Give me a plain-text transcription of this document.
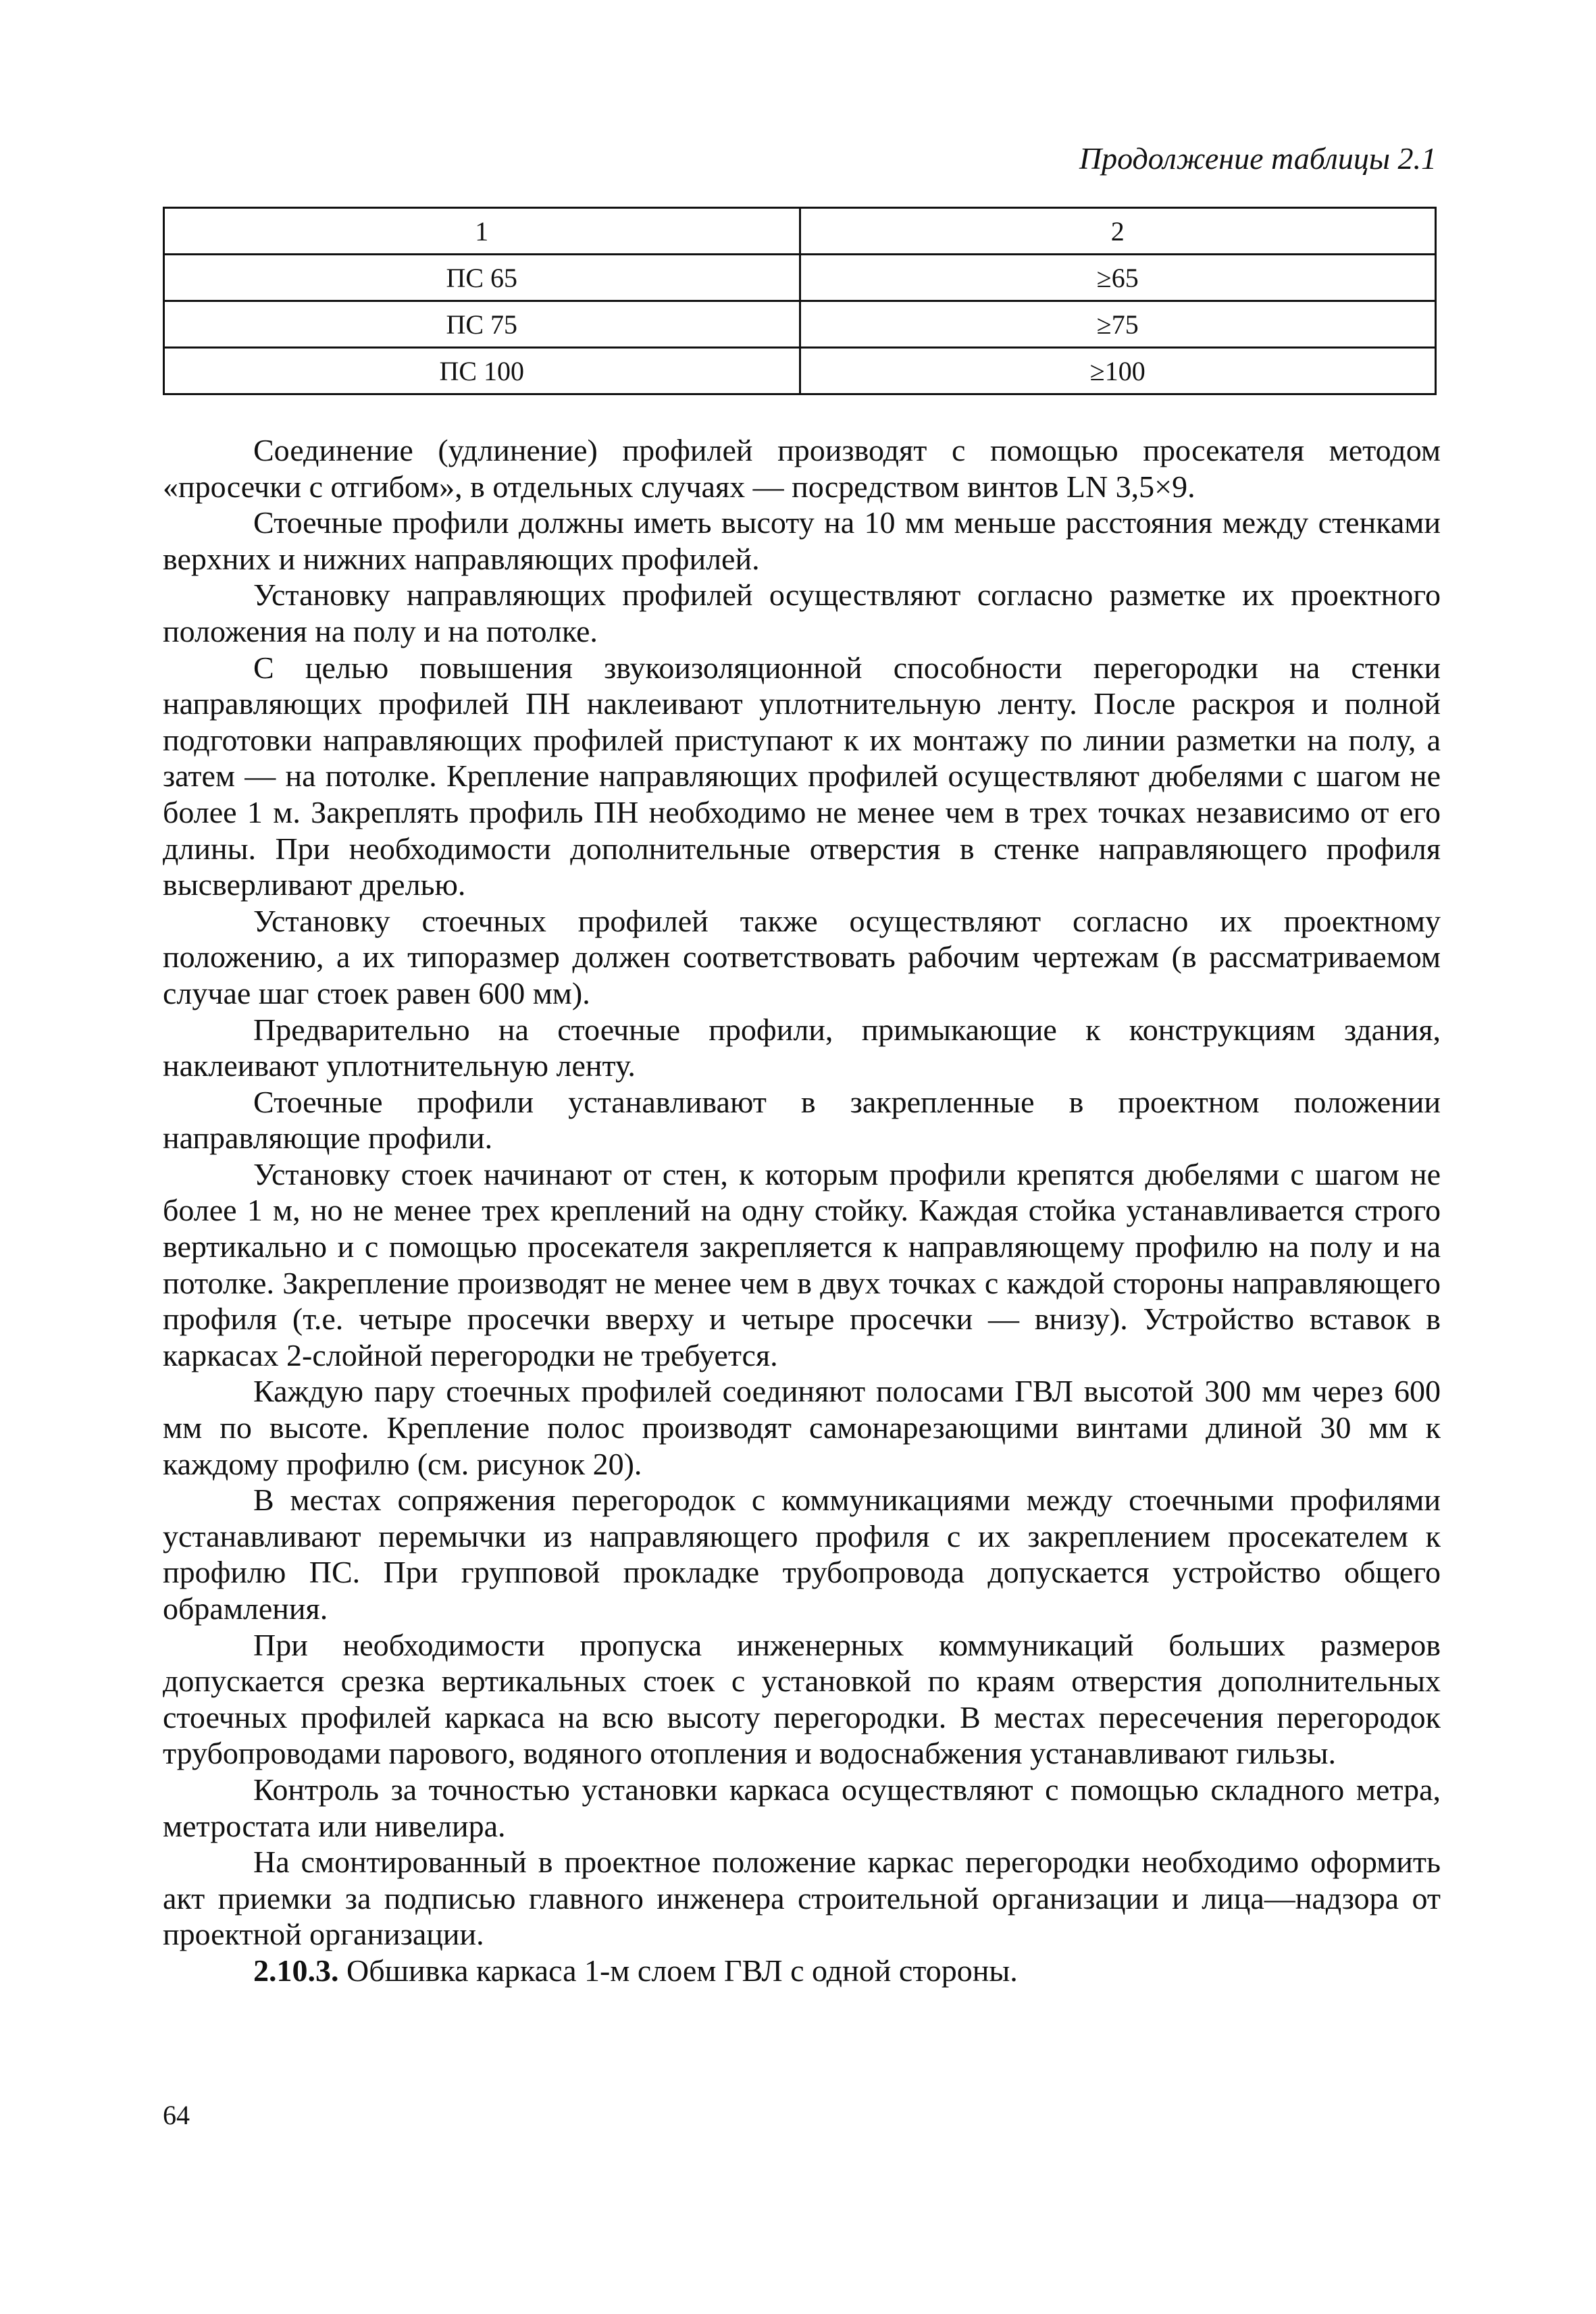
Продолжение таблицы 2.1
1	2
ПС 65	≥65
ПС 75	≥75
ПС 100	≥100

Соединение (удлинение) профилей производят с помощью просекателя методом «просечки с отгибом», в отдельных случаях — посредством винтов LN 3,5×9.

Стоечные профили должны иметь высоту на 10 мм меньше расстояния между стенками верхних и нижних направляющих профилей.

Установку направляющих профилей осуществляют согласно разметке их проектного положения на полу и на потолке.

С целью повышения звукоизоляционной способности перегородки на стенки направляющих профилей ПН наклеивают уплотнительную ленту. После раскроя и полной подготовки направляющих профилей приступают к их монтажу по линии разметки на полу, а затем — на потолке. Крепление направляющих профилей осуществляют дюбелями с шагом не более 1 м. Закреплять профиль ПН необходимо не менее чем в трех точках независимо от его длины. При необходимости дополнительные отверстия в стенке направляющего профиля высверливают дрелью.

Установку стоечных профилей также осуществляют согласно их проектному положению, а их типоразмер должен соответствовать рабочим чертежам (в рассматриваемом случае шаг стоек равен 600 мм).

Предварительно на стоечные профили, примыкающие к конструкциям здания, наклеивают уплотнительную ленту.

Стоечные профили устанавливают в закрепленные в проектном положении направляющие профили.

Установку стоек начинают от стен, к которым профили крепятся дюбелями с шагом не более 1 м, но не менее трех креплений на одну стойку. Каждая стойка устанавливается строго вертикально и с помощью просекателя закрепляется к направляющему профилю на полу и на потолке. Закрепление производят не менее чем в двух точках с каждой стороны направляющего профиля (т.е. четыре просечки вверху и четыре просечки — внизу). Устройство вставок в каркасах 2-слойной перегородки не требуется.

Каждую пару стоечных профилей соединяют полосами ГВЛ высотой 300 мм через 600 мм по высоте. Крепление полос производят самонарезающими винтами длиной 30 мм к каждому профилю (см. рисунок 20).

В местах сопряжения перегородок с коммуникациями между стоечными профилями устанавливают перемычки из направляющего профиля с их закреплением просекателем к профилю ПС. При групповой прокладке трубопровода допускается устройство общего обрамления.

При необходимости пропуска инженерных коммуникаций больших размеров допускается срезка вертикальных стоек с установкой по краям отверстия дополнительных стоечных профилей каркаса на всю высоту перегородки. В местах пересечения перегородок трубопроводами парового, водяного отопления и водоснабжения устанавливают гильзы.

Контроль за точностью установки каркаса осуществляют с помощью складного метра, метростата или нивелира.

На смонтированный в проектное положение каркас перегородки необходимо оформить акт приемки за подписью главного инженера строительной организации и лица—надзора от проектной организации.

2.10.3. Обшивка каркаса 1-м слоем ГВЛ с одной стороны.

64
